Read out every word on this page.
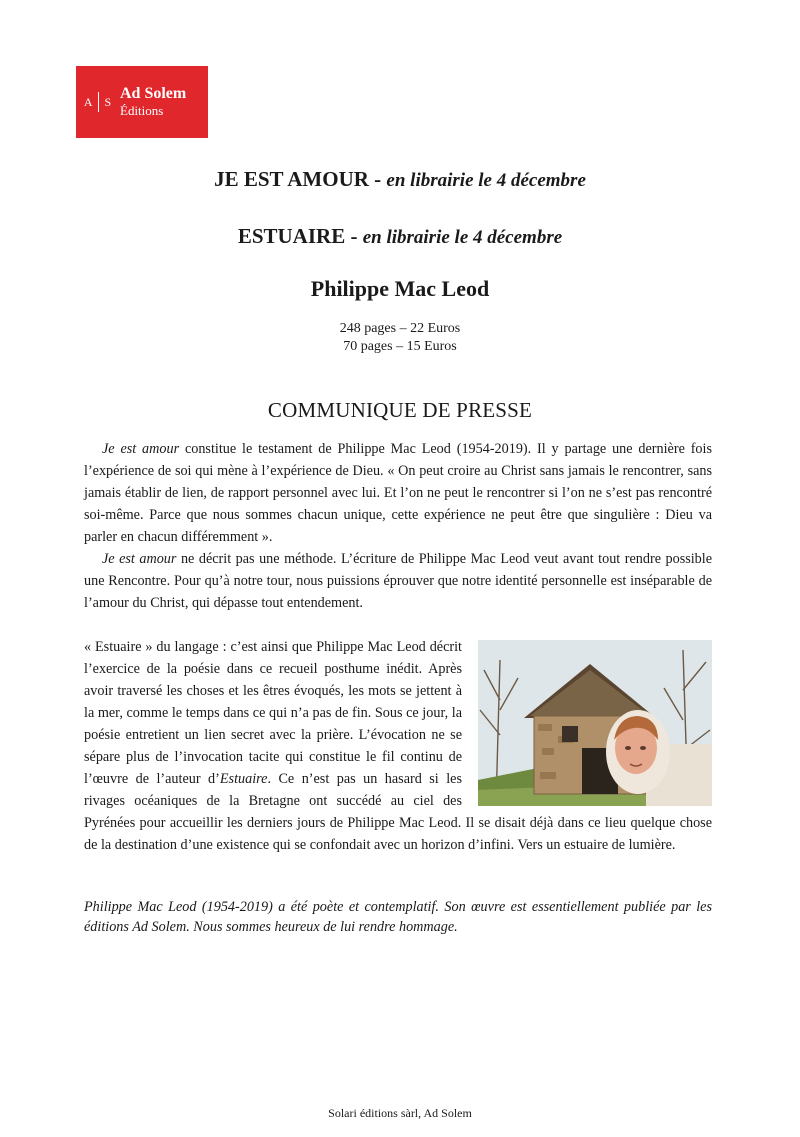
A S Ad Solem
Éditions
JE EST AMOUR - en librairie le 4 décembre
ESTUAIRE - en librairie le 4 décembre
Philippe Mac Leod
248 pages – 22 Euros
70 pages – 15 Euros
COMMUNIQUE DE PRESSE

Je est amour constitue le testament de Philippe Mac Leod (1954-2019). Il y partage une dernière fois l’expérience de soi qui mène à l’expérience de Dieu. « On peut croire au Christ sans jamais le rencontrer, sans jamais établir de lien, de rapport personnel avec lui. Et l’on ne peut le rencontrer si l’on ne s’est pas rencontré soi-même. Parce que nous sommes chacun unique, cette expérience ne peut être que singulière : Dieu va parler en chacun différemment ».

Je est amour ne décrit pas une méthode. L’écriture de Philippe Mac Leod veut avant tout rendre possible une Rencontre. Pour qu’à notre tour, nous puissions éprouver que notre identité personnelle est inséparable de l’amour du Christ, qui dépasse tout entendement.

« Estuaire » du langage : c’est ainsi que Philippe Mac Leod décrit l’exercice de la poésie dans ce recueil posthume inédit. Après avoir traversé les choses et les êtres évoqués, les mots se jettent à la mer, comme le temps dans ce qui n’a pas de fin. Sous ce jour, la poésie entretient un lien secret avec la prière. L’évocation ne se sépare plus de l’invocation tacite qui constitue le fil continu de l’œuvre de l’auteur d’Estuaire. Ce n’est pas un hasard si les rivages océaniques de la Bretagne ont succédé au ciel des Pyrénées pour accueillir les derniers jours de Philippe Mac Leod. Il se disait déjà dans ce lieu quelque chose de la destination d’une existence qui se confondait avec un horizon d’infini. Vers un estuaire de lumière.

Philippe Mac Leod (1954-2019) a été poète et contemplatif. Son œuvre est essentiellement publiée par les éditions Ad Solem. Nous sommes heureux de lui rendre hommage.
Solari éditions sàrl, Ad Solem
